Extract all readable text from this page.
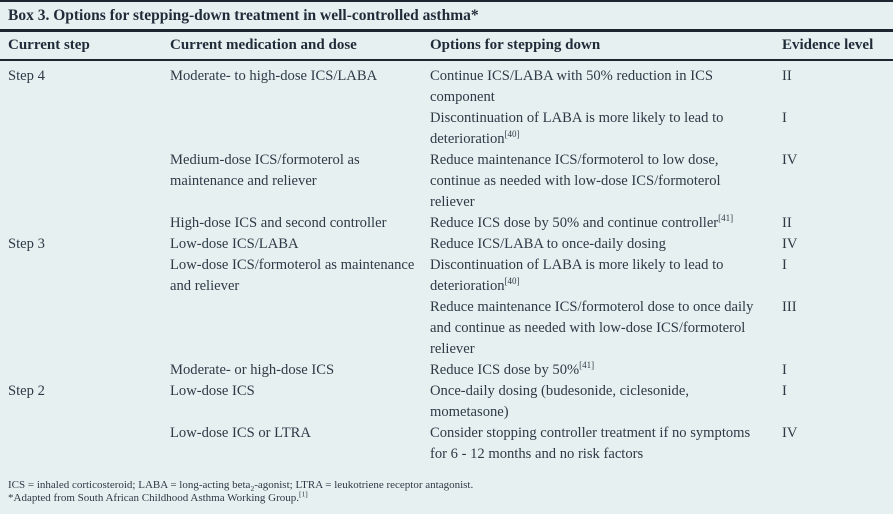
Box 3. Options for stepping-down treatment in well-controlled asthma*
Current step	Current medication and dose	Options for stepping down	Evidence level
Step 4	Moderate- to high-dose ICS/LABA	Continue ICS/LABA with 50% reduction in ICS component	II
		Discontinuation of LABA is more likely to lead to deterioration[40]	I
	Medium-dose ICS/formoterol as maintenance and reliever	Reduce maintenance ICS/formoterol to low dose, continue as needed with low-dose ICS/formoterol reliever	IV
	High-dose ICS and second controller	Reduce ICS dose by 50% and continue controller[41]	II
Step 3	Low-dose ICS/LABA	Reduce ICS/LABA to once-daily dosing	IV
	Low-dose ICS/formoterol as maintenance and reliever	Discontinuation of LABA is more likely to lead to deterioration[40]	I
		Reduce maintenance ICS/formoterol dose to once daily and continue as needed with low-dose ICS/formoterol reliever	III
	Moderate- or high-dose ICS	Reduce ICS dose by 50%[41]	I
Step 2	Low-dose ICS	Once-daily dosing (budesonide, ciclesonide, mometasone)	I
	Low-dose ICS or LTRA	Consider stopping controller treatment if no symptoms for 6 - 12 months and no risk factors	IV
ICS = inhaled corticosteroid; LABA = long-acting beta$_2$-agonist; LTRA = leukotriene receptor antagonist.
*Adapted from South African Childhood Asthma Working Group.[1]
